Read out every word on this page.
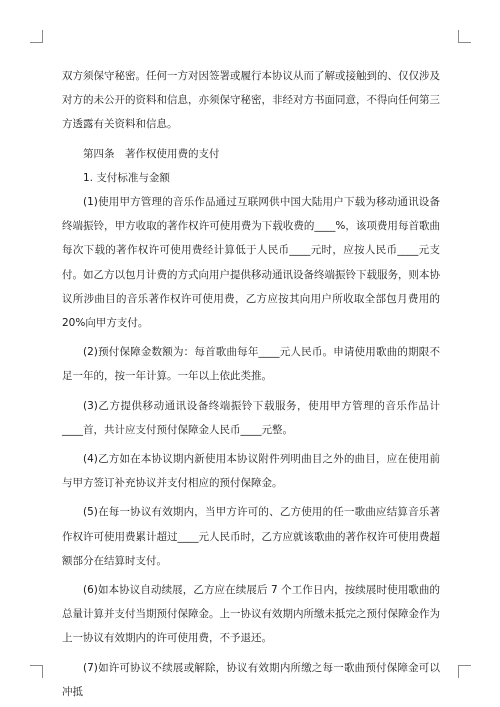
双方须保守秘密。任何一方对因签署或履行本协议从而了解或接触到的、仅仅涉及对方的未公开的资料和信息，亦须保守秘密，非经对方书面同意，不得向任何第三方透露有关资料和信息。

第四条　著作权使用费的支付

1. 支付标准与金额

(1)使用甲方管理的音乐作品通过互联网供中国大陆用户下载为移动通讯设备终端振铃，甲方收取的著作权许可使用费为下载收费的____%，该项费用每首歌曲每次下载的著作权许可使用费经计算低于人民币____元时，应按人民币____元支付。如乙方以包月计费的方式向用户提供移动通讯设备终端振铃下载服务，则本协议所涉曲目的音乐著作权许可使用费，乙方应按其向用户所收取全部包月费用的 20%向甲方支付。

(2)预付保障金数额为：每首歌曲每年____元人民币。申请使用歌曲的期限不足一年的，按一年计算。一年以上依此类推。

(3)乙方提供移动通讯设备终端振铃下载服务，使用甲方管理的音乐作品计____首，共计应支付预付保障金人民币____元整。

(4)乙方如在本协议期内新使用本协议附件列明曲目之外的曲目，应在使用前与甲方签订补充协议并支付相应的预付保障金。

(5)在每一协议有效期内，当甲方许可的、乙方使用的任一歌曲应结算音乐著作权许可使用费累计超过____元人民币时，乙方应就该歌曲的著作权许可使用费超额部分在结算时支付。

(6)如本协议自动续展，乙方应在续展后 7 个工作日内，按续展时使用歌曲的总量计算并支付当期预付保障金。上一协议有效期内所缴未抵完之预付保障金作为上一协议有效期内的许可使用费，不予退还。

(7)如许可协议不续展或解除，协议有效期内所缴之每一歌曲预付保障金可以冲抵
